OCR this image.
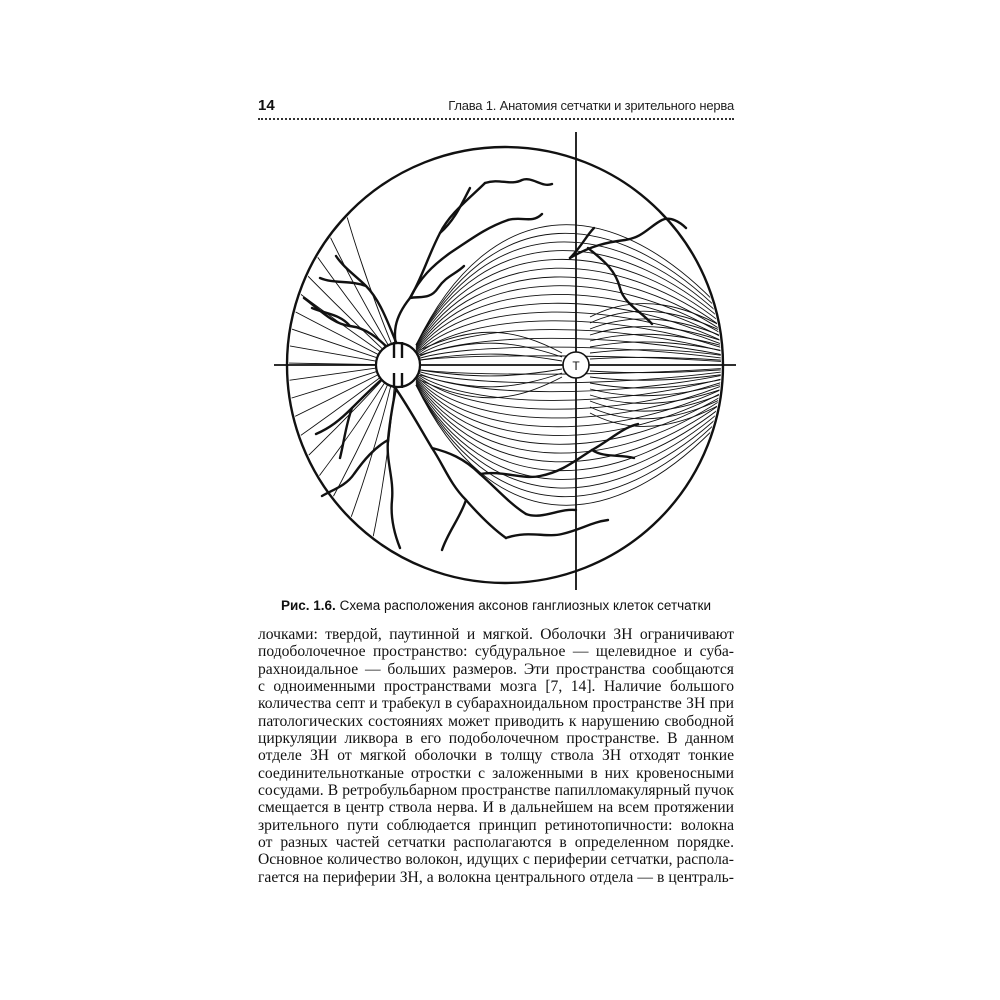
14	Глава 1. Анатомия сетчатки и зрительного нерва
Т
Рис. 1.6. Схема расположения аксонов ганглиозных клеток сетчатки
лочками: твердой, паутинной и мягкой. Оболочки ЗН ограничивают
подоболочечное пространство: субдуральное — щелевидное и суба-
рахноидальное — больших размеров. Эти пространства сообщаются
с одноименными пространствами мозга [7, 14]. Наличие большого
количества септ и трабекул в субарахноидальном пространстве ЗН при
патологических состояниях может приводить к нарушению свободной
циркуляции ликвора в его подоболочечном пространстве. В данном
отделе ЗН от мягкой оболочки в толщу ствола ЗН отходят тонкие
соединительнотканые отростки с заложенными в них кровеносными
сосудами. В ретробульбарном пространстве папилломакулярный пучок
смещается в центр ствола нерва. И в дальнейшем на всем протяжении
зрительного пути соблюдается принцип ретинотопичности: волокна
от разных частей сетчатки располагаются в определенном порядке.
Основное количество волокон, идущих с периферии сетчатки, распола-
гается на периферии ЗН, а волокна центрального отдела — в централь-
